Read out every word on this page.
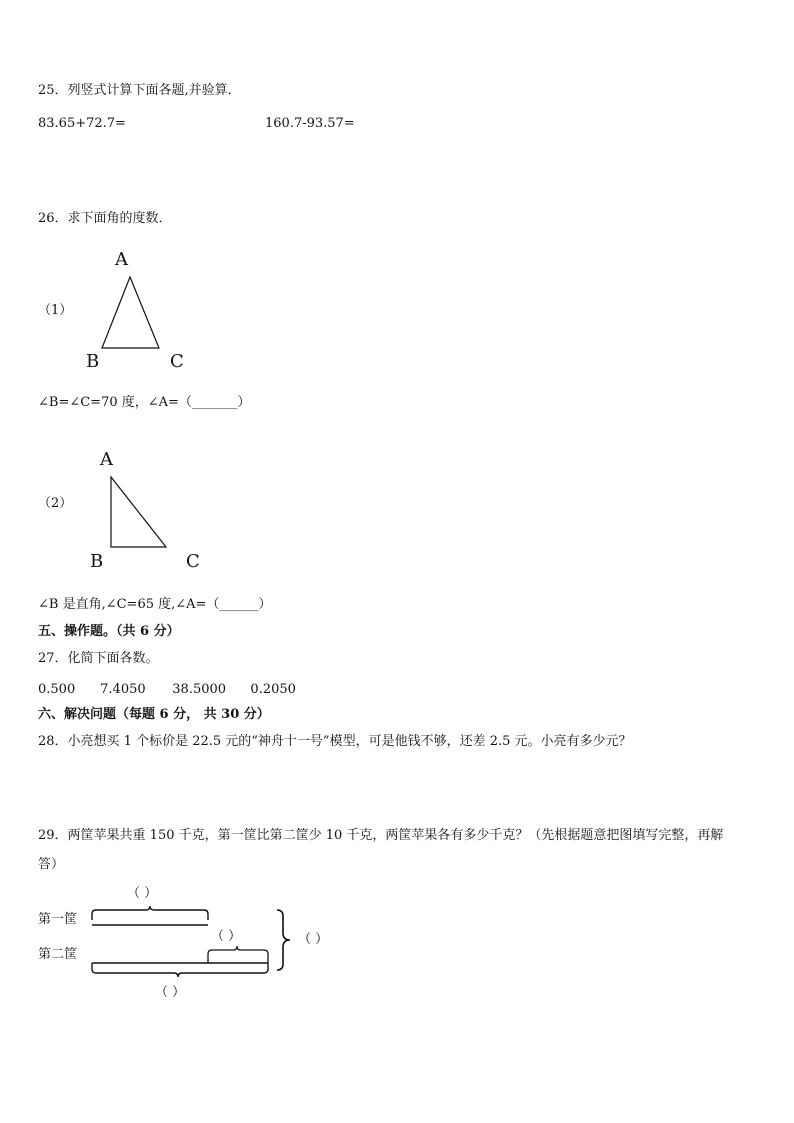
25．列竖式计算下面各题,并验算．
83.65+72.7=	160.7-93.57=
26．求下面角的度数．
（1）
A
B	C
∠B=∠C=70 度，∠A=（_______）
（2）
A
B	C
∠B 是直角,∠C=65 度,∠A=（______）
五、操作题。（共 6 分）
27．化简下面各数。
0.500 7.4050 38.5000 0.2050
六、解决问题（每题 6 分， 共 30 分）
28．小亮想买 1 个标价是 22.5 元的“神舟十一号”模型，可是他钱不够，还差 2.5 元。小亮有多少元？
29．两筐苹果共重 150 千克，第一筐比第二筐少 10 千克，两筐苹果各有多少千克？（先根据题意把图填写完整，再解
答）
（ ）
第一筐
（ ）	（ ）
第二筐
（ ）
